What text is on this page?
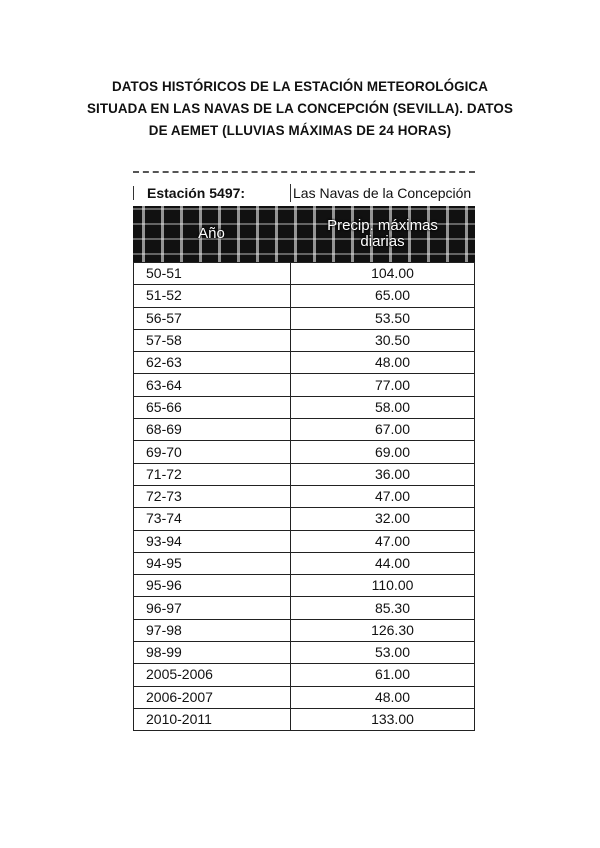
DATOS HISTÓRICOS DE LA ESTACIÓN METEOROLÓGICA
SITUADA EN LAS NAVAS DE LA CONCEPCIÓN (SEVILLA). DATOS
DE AEMET (LLUVIAS MÁXIMAS DE 24 HORAS)
Estación 5497:	Las Navas de la Concepción
Año	Precip. máximas
diarias
50-51	104.00
51-52	65.00
56-57	53.50
57-58	30.50
62-63	48.00
63-64	77.00
65-66	58.00
68-69	67.00
69-70	69.00
71-72	36.00
72-73	47.00
73-74	32.00
93-94	47.00
94-95	44.00
95-96	110.00
96-97	85.30
97-98	126.30
98-99	53.00
2005-2006	61.00
2006-2007	48.00
2010-2011	133.00
